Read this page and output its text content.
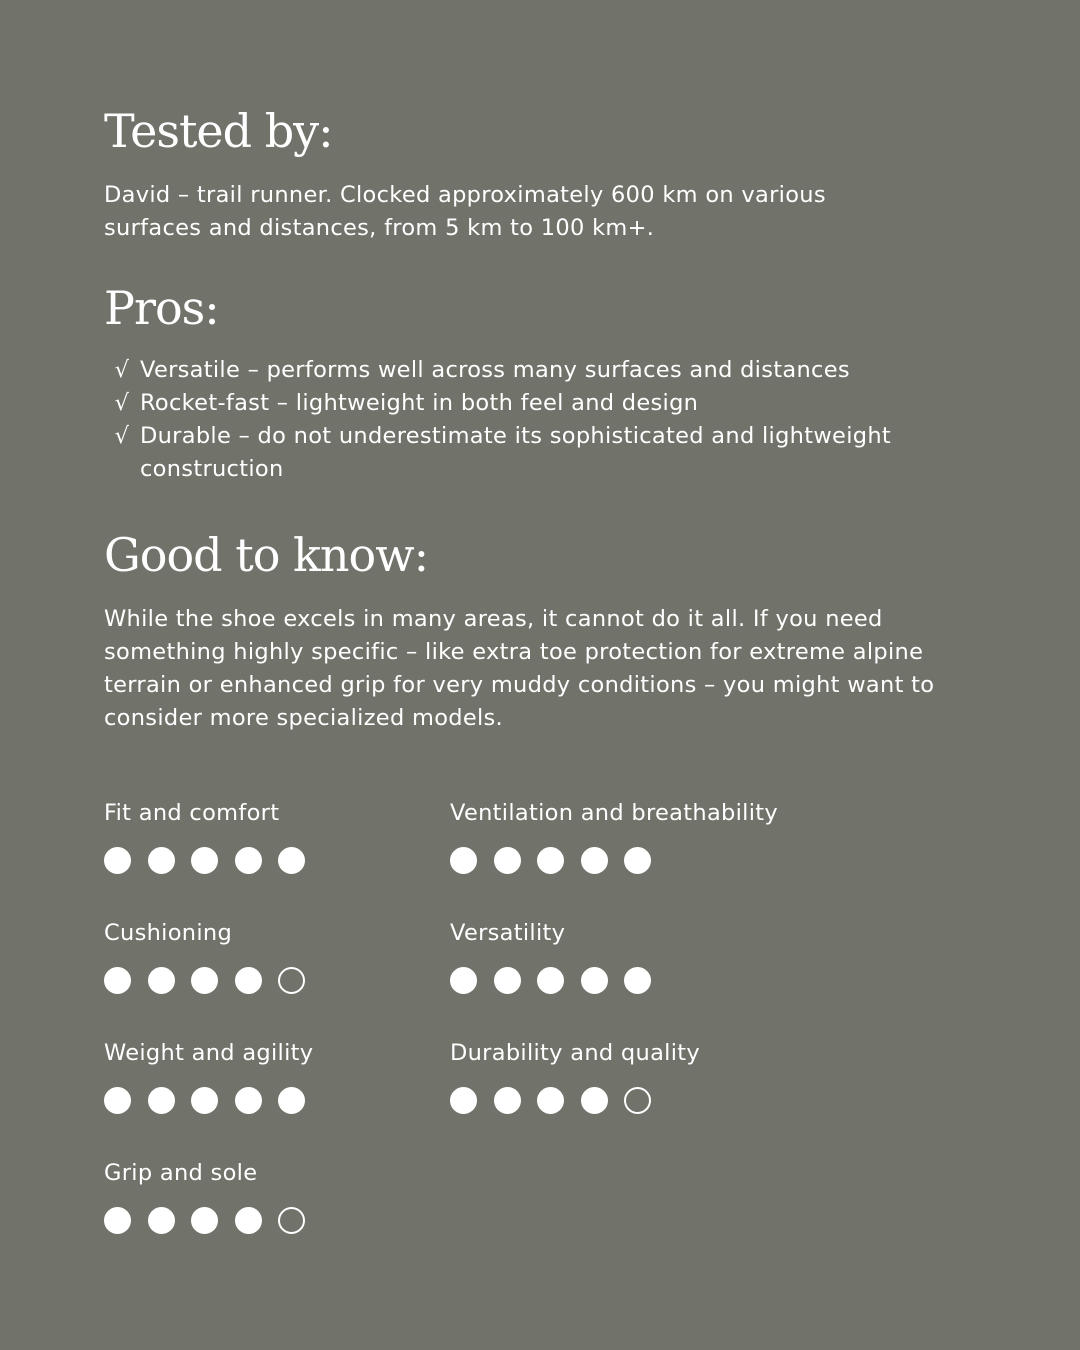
Tested by:

David – trail runner. Clocked approximately 600 km on various surfaces and distances, from 5 km to 100 km+.

Pros:
√ Versatile – performs well across many surfaces and distances
√ Rocket-fast – lightweight in both feel and design
√ Durable – do not underestimate its sophisticated and lightweight construction
Good to know:

While the shoe excels in many areas, it cannot do it all. If you need something highly specific – like extra toe protection for extreme alpine terrain or enhanced grip for very muddy conditions – you might want to consider more specialized models.

Fit and comfort	Ventilation and breathability
Cushioning	Versatility
Weight and agility	Durability and quality
Grip and sole
